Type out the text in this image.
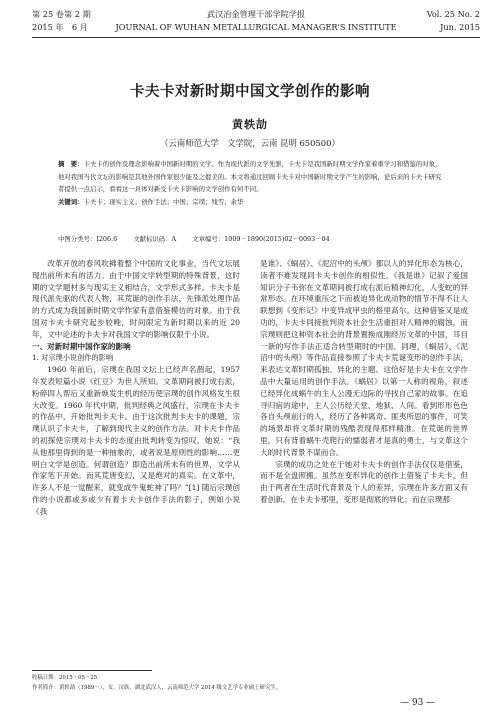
第 25 卷第 2 期
2015 年　6 月
武汉冶金管理干部学院学报
JOURNAL OF WUHAN METALLURGICAL MANAGER'S INSTITUTE
Vol. 25 No. 2
Jun. 2015
卡夫卡对新时期中国文学创作的影响
黄轶劼
（云南师范大学　文学院，云南 昆明 650500）

摘　要：卡夫卡的创作及理念影响着中国新时期的文学。作为现代派的文学先驱，卡夫卡是我国新时期文学作家着重学习和借鉴的对象，他对我国当代文坛的影响是其他外国作家很少能及之媲美的。本文将通过回顾卡夫卡对中国新时期文学产生的影响，论后来的卡夫卡研究者提供一点启示，看看这一具体对新受卡夫卡影响的文学创作有何不同。

关键词：卡夫卡；现实主义；创作手法；中国；宗璞；残雪；余华

中图分类号：I206.6	文献标识码：A	文章编号：1009－1890(2015)02－0093－04

改革开放的春风吹拂着整个中国的文化事业，当代文坛展现出前所未有的活力。由于中国文学转型期的特殊背景，这时期的文学题材多与现实主义相结合，文学形式多样。卡夫卡是现代派先驱的代表人物，其荒诞的创作手法、先锋派处理作品的方式成为我国新时期文学作家有意借鉴模仿的对象。由于我国对卡夫卡研究起步较晚，时间限定为新时期以来的近 20 年，文中论述的卡夫卡对我国文学的影响仅限于小说。

一、对新时期中国作家的影响

1. 对宗璞小说创作的影响

1960 年前后，宗璞在我国文坛上已经声名鹊起，1957 年发表短篇小说《红豆》为世人所知。文革期间被打成右派，粉碎四人帮后又重新焕发生机的经历使宗璞的创作风格发生很大改变。1960 年代中期，批判经典之风盛行，宗璞在卡夫卡的作品中，开始批判卡夫卡。由于这次批判卡夫卡的课题，宗璞认识了卡夫卡，了解到现代主义的创作方法。对卡夫卡作品的初探使宗璞对卡夫卡的态度由批判转变为惊叹，她说：“我从他那里得到的是一种抽象的，或者说是原则性的影响……更明白文学是创造。何谓创造？即造出前所未有的世界，文学从作家笔下开始。而其荒唐变幻，又是绝对的真实。在文革中，许多人不是一觉醒来，就变成牛鬼蛇神了吗？”[1] 随后宗璞创作的小说都或多或少有着卡夫卡创作手法的影子，例如小说《我

是谁》、《蜗居》、《泥沼中的头颅》都以人的异化形态为核心，读者不难发现同卡夫卡创作的相似性。《我是谁》记叙了爱国知识分子韦弥在文革期间被打成右派后精神幻化，人变蛇的异常形态。在环境重压之下而被迫异化成动物的情节不得不让人联想到《变形记》中变异成甲虫的格里高尔。这种借鉴又是成功的，卡夫卡同接批判资本社会生活重担对人精神的腐蚀，而宗璞则把这种资本社会的背景置换成刚经历文革的中国，耳目一新的写作手法正适合转型期时的中国。同理，《蜗居》、《泥沼中的头颅》等作品直接参照了卡夫卡荒诞变形的创作手法，来表达文革时期孤独、异化的主题。这恰好是卡夫卡在文学作品中大量运用的创作手法。《蜗居》以第一人称的视角，叙述已经异化成蜗牛的主人公漫无边际的寻找自己家的故事。在追寻归宿的途中，主人公历经天堂、地狱、人间。看到形形色色各自头颅前行的人，经历了各种离奇、匪夷所思的事件，可笑的场景却将文革时期的残酷表现得那样精准。在荒诞的世界里，只有背着蜗牛壳爬行的懦弱者才是真的勇士，与文革这个大的时代背景不谋而合。

宗璞的成功之处在于她对卡夫卡的创作手法仅仅是借鉴，而不是全盘照搬。虽然在变形异化的创作上借鉴了卡夫卡，但由于两者在生活时代背景及个人的差异，宗璞在许多方面又有着创新。在卡夫卡那里，变形是彻底的异化；而在宗璞那

收稿日期：2015－05－25
作者简介：黄轶劼（1989－），女，汉族，湖北武汉人，云南师范大学 2014 级文艺学专业硕士研究生。
— 93 —
